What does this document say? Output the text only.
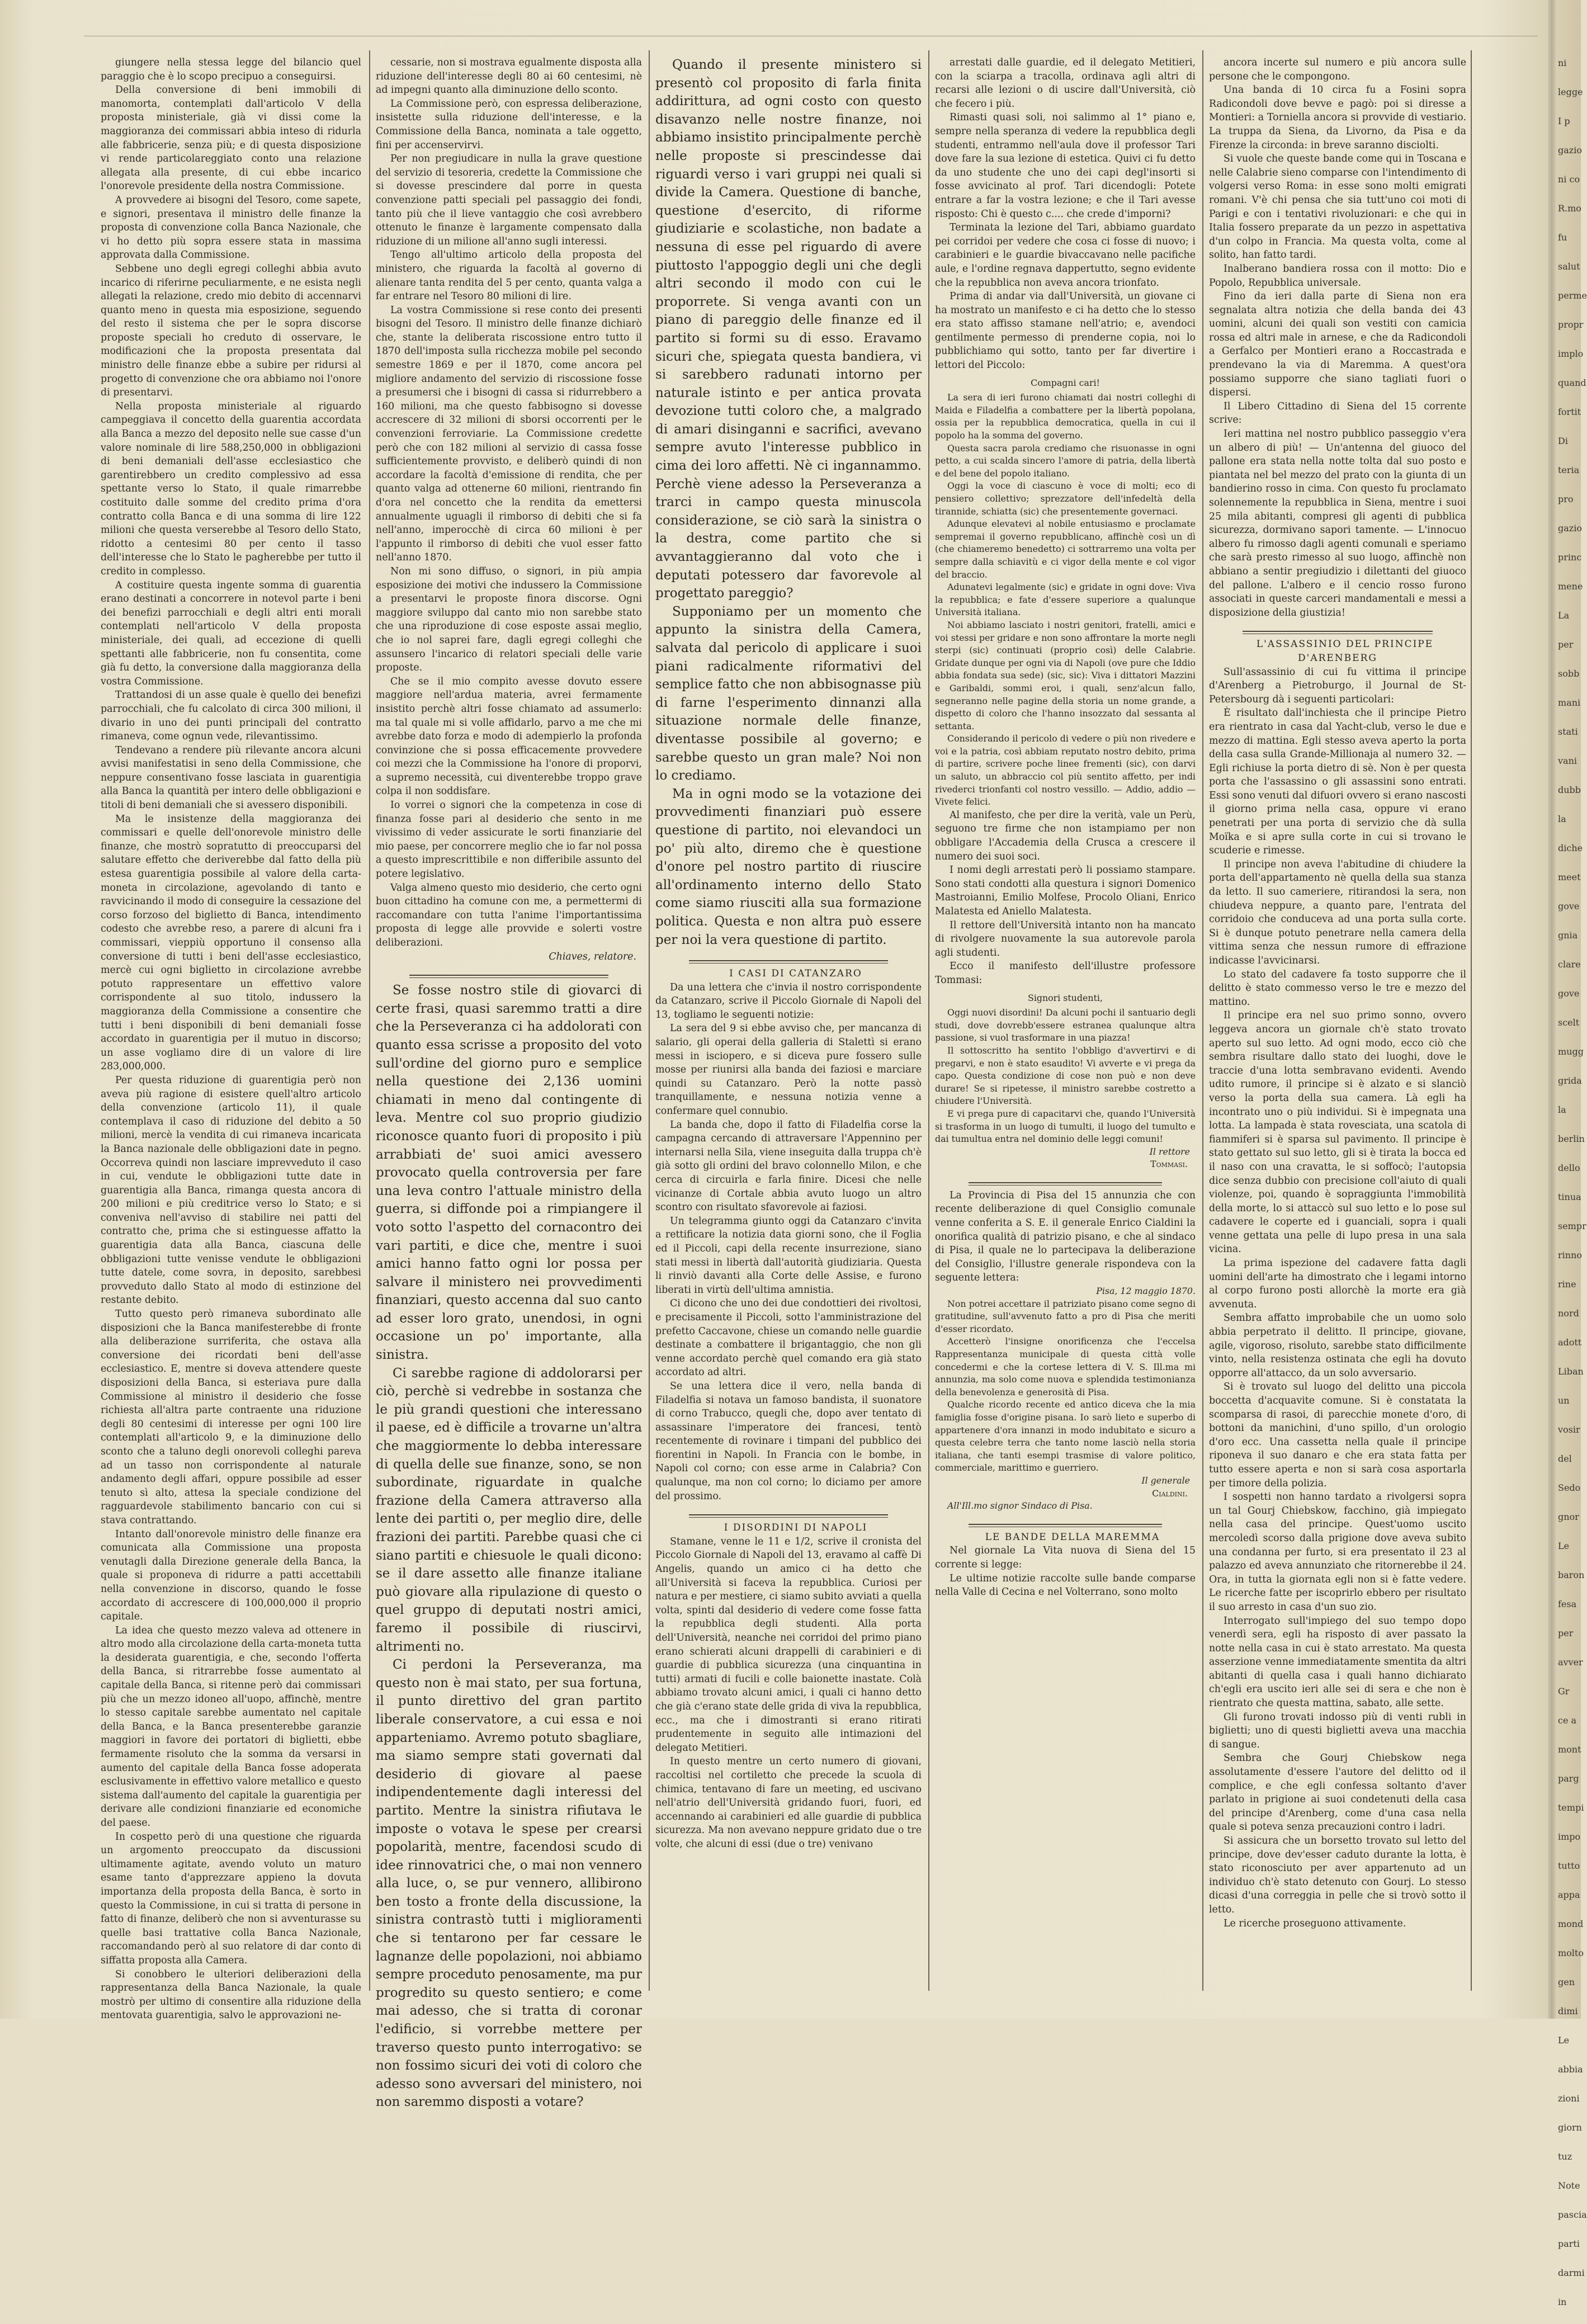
giungere nella stessa legge del bilancio quel paraggio che è lo scopo precipuo a conseguirsi.

Della conversione di beni immobili di manomorta, contemplati dall'articolo V della proposta ministeriale, già vi dissi come la maggioranza dei commissari abbia inteso di ridurla alle fabbricerie, senza più; e di questa disposizione vi rende particolareggiato conto una relazione allegata alla presente, di cui ebbe incarico l'onorevole presidente della nostra Commissione.

A provvedere ai bisogni del Tesoro, come sapete, e signori, presentava il ministro delle finanze la proposta di convenzione colla Banca Nazionale, che vi ho detto più sopra essere stata in massima approvata dalla Commissione.

Sebbene uno degli egregi colleghi abbia avuto incarico di riferirne peculiarmente, e ne esista negli allegati la relazione, credo mio debito di accennarvi quanto meno in questa mia esposizione, seguendo del resto il sistema che per le sopra discorse proposte speciali ho creduto di osservare, le modificazioni che la proposta presentata dal ministro delle finanze ebbe a subire per ridursi al progetto di convenzione che ora abbiamo noi l'onore di presentarvi.

Nella proposta ministeriale al riguardo campeggiava il concetto della guarentia accordata alla Banca a mezzo del deposito nelle sue casse d'un valore nominale di lire 588,250,000 in obbligazioni di beni demaniali dell'asse ecclesiastico che garentirebbero un credito complessivo ad essa spettante verso lo Stato, il quale rimarrebbe costituito dalle somme del credito prima d'ora contratto colla Banca e di una somma di lire 122 milioni che questa verserebbe al Tesoro dello Stato, ridotto a centesimi 80 per cento il tasso dell'interesse che lo Stato le pagherebbe per tutto il credito in complesso.

A costituire questa ingente somma di guarentia erano destinati a concorrere in notevol parte i beni dei benefizi parrocchiali e degli altri enti morali contemplati nell'articolo V della proposta ministeriale, dei quali, ad eccezione di quelli spettanti alle fabbricerie, non fu consentita, come già fu detto, la conversione dalla maggioranza della vostra Commissione.

Trattandosi di un asse quale è quello dei benefizi parrocchiali, che fu calcolato di circa 300 milioni, il divario in uno dei punti principali del contratto rimaneva, come ognun vede, rilevantissimo.

Tendevano a rendere più rilevante ancora alcuni avvisi manifestatisi in seno della Commissione, che neppure consentivano fosse lasciata in guarentigia alla Banca la quantità per intero delle obbligazioni e titoli di beni demaniali che si avessero disponibili.

Ma le insistenze della maggioranza dei commissari e quelle dell'onorevole ministro delle finanze, che mostrò sopratutto di preoccuparsi del salutare effetto che deriverebbe dal fatto della più estesa guarentigia possibile al valore della carta-moneta in circolazione, agevolando di tanto e ravvicinando il modo di conseguire la cessazione del corso forzoso del biglietto di Banca, intendimento codesto che avrebbe reso, a parere di alcuni fra i commissari, vieppiù opportuno il consenso alla conversione di tutti i beni dell'asse ecclesiastico, mercè cui ogni biglietto in circolazione avrebbe potuto rappresentare un effettivo valore corrispondente al suo titolo, indussero la maggioranza della Commissione a consentire che tutti i beni disponibili di beni demaniali fosse accordato in guarentigia per il mutuo in discorso; un asse vogliamo dire di un valore di lire 283,000,000.

Per questa riduzione di guarentigia però non aveva più ragione di esistere quell'altro articolo della convenzione (articolo 11), il quale contemplava il caso di riduzione del debito a 50 milioni, mercè la vendita di cui rimaneva incaricata la Banca nazionale delle obbligazioni date in pegno. Occorreva quindi non lasciare imprevveduto il caso in cui, vendute le obbligazioni tutte date in guarentigia alla Banca, rimanga questa ancora di 200 milioni e più creditrice verso lo Stato; e si conveniva nell'avviso di stabilire nei patti del contratto che, prima che si estinguesse affatto la guarentigia data alla Banca, ciascuna delle obbligazioni tutte venisse vendute le obbligazioni tutte datele, come sovra, in deposito, sarebbesi provveduto dallo Stato al modo di estinzione del restante debito.

Tutto questo però rimaneva subordinato alle disposizioni che la Banca manifesterebbe di fronte alla deliberazione surriferita, che ostava alla conversione dei ricordati beni dell'asse ecclesiastico. E, mentre si doveva attendere queste disposizioni della Banca, si esteriava pure dalla Commissione al ministro il desiderio che fosse richiesta all'altra parte contraente una riduzione degli 80 centesimi di interesse per ogni 100 lire contemplati all'articolo 9, e la diminuzione dello sconto che a taluno degli onorevoli colleghi pareva ad un tasso non corrispondente al naturale andamento degli affari, oppure possibile ad esser tenuto sì alto, attesa la speciale condizione del ragguardevole stabilimento bancario con cui si stava contrattando.

Intanto dall'onorevole ministro delle finanze era comunicata alla Commissione una proposta venutagli dalla Direzione generale della Banca, la quale si proponeva di ridurre a patti accettabili nella convenzione in discorso, quando le fosse accordato di accrescere di 100,000,000 il proprio capitale.

La idea che questo mezzo valeva ad ottenere in altro modo alla circolazione della carta-moneta tutta la desiderata guarentigia, e che, secondo l'offerta della Banca, si ritrarrebbe fosse aumentato al capitale della Banca, si ritenne però dai commissari più che un mezzo idoneo all'uopo, affinchè, mentre lo stesso capitale sarebbe aumentato nel capitale della Banca, e la Banca presenterebbe garanzie maggiori in favore dei portatori di biglietti, ebbe fermamente risoluto che la somma da versarsi in aumento del capitale della Banca fosse adoperata esclusivamente in effettivo valore metallico e questo sistema dall'aumento del capitale la guarentigia per derivare alle condizioni finanziarie ed economiche del paese.

In cospetto però di una questione che riguarda un argomento preoccupato da discussioni ultimamente agitate, avendo voluto un maturo esame tanto d'apprezzare appieno la dovuta importanza della proposta della Banca, è sorto in questo la Commissione, in cui si tratta di persone in fatto di finanze, deliberò che non si avventurasse su quelle basi trattative colla Banca Nazionale, raccomandando però al suo relatore di dar conto di siffatta proposta alla Camera.

Si conobbero le ulteriori deliberazioni della rappresentanza della Banca Nazionale, la quale mostrò per ultimo di consentire alla riduzione della mentovata guarentigia, salvo le approvazioni ne-

cessarie, non si mostrava egualmente disposta alla riduzione dell'interesse degli 80 ai 60 centesimi, nè ad impegni quanto alla diminuzione dello sconto.

La Commissione però, con espressa deliberazione, insistette sulla riduzione dell'interesse, e la Commissione della Banca, nominata a tale oggetto, fini per accenservirvi.

Per non pregiudicare in nulla la grave questione del servizio di tesoreria, credette la Commissione che si dovesse prescindere dal porre in questa convenzione patti speciali pel passaggio dei fondi, tanto più che il lieve vantaggio che così avrebbero ottenuto le finanze è largamente compensato dalla riduzione di un milione all'anno sugli interessi.

Tengo all'ultimo articolo della proposta del ministero, che riguarda la facoltà al governo di alienare tanta rendita del 5 per cento, quanta valga a far entrare nel Tesoro 80 milioni di lire.

La vostra Commissione si rese conto dei presenti bisogni del Tesoro. Il ministro delle finanze dichiarò che, stante la deliberata riscossione entro tutto il 1870 dell'imposta sulla ricchezza mobile pel secondo semestre 1869 e per il 1870, come ancora pel migliore andamento del servizio di riscossione fosse a presumersi che i bisogni di cassa si ridurrebbero a 160 milioni, ma che questo fabbisogno si dovesse accrescere di 32 milioni di sborsi occorrenti per le convenzioni ferroviarie. La Commissione credette però che con 182 milioni al servizio di cassa fosse sufficientemente provvisto, e deliberò quindi di non accordare la facoltà d'emissione di rendita, che per quanto valga ad ottenerne 60 milioni, rientrando fin d'ora nel concetto che la rendita da emettersi annualmente uguagli il rimborso di debiti che si fa nell'anno, imperocchè di circa 60 milioni è per l'appunto il rimborso di debiti che vuol esser fatto nell'anno 1870.

Non mi sono diffuso, o signori, in più ampia esposizione dei motivi che indussero la Commissione a presentarvi le proposte finora discorse. Ogni maggiore sviluppo dal canto mio non sarebbe stato che una riproduzione di cose esposte assai meglio, che io nol saprei fare, dagli egregi colleghi che assunsero l'incarico di relatori speciali delle varie proposte.

Che se il mio compito avesse dovuto essere maggiore nell'ardua materia, avrei fermamente insistito perchè altri fosse chiamato ad assumerlo: ma tal quale mi si volle affidarlo, parvo a me che mi avrebbe dato forza e modo di adempierlo la profonda convinzione che si possa efficacemente provvedere coi mezzi che la Commissione ha l'onore di proporvi, a supremo necessità, cui diventerebbe troppo grave colpa il non soddisfare.

Io vorrei o signori che la competenza in cose di finanza fosse pari al desiderio che sento in me vivissimo di veder assicurate le sorti finanziarie del mio paese, per concorrere meglio che io far nol possa a questo imprescrittibile e non differibile assunto del potere legislativo.

Valga almeno questo mio desiderio, che certo ogni buon cittadino ha comune con me, a permettermi di raccomandare con tutta l'anime l'importantissima proposta di legge alle provvide e solerti vostre deliberazioni.

Chiaves, relatore.

Se fosse nostro stile di giovarci di certe frasi, quasi saremmo tratti a dire che la Perseveranza ci ha addolorati con quanto essa scrisse a proposito del voto sull'ordine del giorno puro e semplice nella questione dei 2,136 uomini chiamati in meno dal contingente di leva. Mentre col suo proprio giudizio riconosce quanto fuori di proposito i più arrabbiati de' suoi amici avessero provocato quella controversia per fare una leva contro l'attuale ministro della guerra, si diffonde poi a rimpiangere il voto sotto l'aspetto del cornacontro dei vari partiti, e dice che, mentre i suoi amici hanno fatto ogni lor possa per salvare il ministero nei provvedimenti finanziari, questo accenna dal suo canto ad esser loro grato, unendosi, in ogni occasione un po' importante, alla sinistra.

Ci sarebbe ragione di addolorarsi per ciò, perchè si vedrebbe in sostanza che le più grandi questioni che interessano il paese, ed è difficile a trovarne un'altra che maggiormente lo debba interessare di quella delle sue finanze, sono, se non subordinate, riguardate in qualche frazione della Camera attraverso alla lente dei partiti o, per meglio dire, delle frazioni dei partiti. Parebbe quasi che ci siano partiti e chiesuole le quali dicono: se il dare assetto alle finanze italiane può giovare alla ripulazione di questo o quel gruppo di deputati nostri amici, faremo il possibile di riuscirvi, altrimenti no.

Ci perdoni la Perseveranza, ma questo non è mai stato, per sua fortuna, il punto direttivo del gran partito liberale conservatore, a cui essa e noi apparteniamo. Avremo potuto sbagliare, ma siamo sempre stati governati dal desiderio di giovare al paese indipendentemente dagli interessi del partito. Mentre la sinistra rifiutava le imposte o votava le spese per crearsi popolarità, mentre, facendosi scudo di idee rinnovatrici che, o mai non vennero alla luce, o, se pur vennero, allibirono ben tosto a fronte della discussione, la sinistra contrastò tutti i miglioramenti che si tentarono per far cessare le lagnanze delle popolazioni, noi abbiamo sempre proceduto penosamente, ma pur progredito su questo sentiero; e come mai adesso, che si tratta di coronar l'edificio, si vorrebbe mettere per traverso questo punto interrogativo: se non fossimo sicuri dei voti di coloro che adesso sono avversari del ministero, noi non saremmo disposti a votare?

Quando il presente ministero si presentò col proposito di farla finita addirittura, ad ogni costo con questo disavanzo nelle nostre finanze, noi abbiamo insistito principalmente perchè nelle proposte si prescindesse dai riguardi verso i vari gruppi nei quali si divide la Camera. Questione di banche, questione d'esercito, di riforme giudiziarie e scolastiche, non badate a nessuna di esse pel riguardo di avere piuttosto l'appoggio degli uni che degli altri secondo il modo con cui le proporrete. Si venga avanti con un piano di pareggio delle finanze ed il partito si formi su di esso. Eravamo sicuri che, spiegata questa bandiera, vi si sarebbero radunati intorno per naturale istinto e per antica provata devozione tutti coloro che, a malgrado di amari disinganni e sacrifici, avevano sempre avuto l'interesse pubblico in cima dei loro affetti. Nè ci ingannammo. Perchè viene adesso la Perseveranza a trarci in campo questa minuscola considerazione, se ciò sarà la sinistra o la destra, come partito che si avvantaggieranno dal voto che i deputati potessero dar favorevole al progettato pareggio?

Supponiamo per un momento che appunto la sinistra della Camera, salvata dal pericolo di applicare i suoi piani radicalmente riformativi del semplice fatto che non abbisognasse più di farne l'esperimento dinnanzi alla situazione normale delle finanze, diventasse possibile al governo; e sarebbe questo un gran male? Noi non lo crediamo.

Ma in ogni modo se la votazione dei provvedimenti finanziari può essere questione di partito, noi elevandoci un po' più alto, diremo che è questione d'onore pel nostro partito di riuscire all'ordinamento interno dello Stato come siamo riusciti alla sua formazione politica. Questa e non altra può essere per noi la vera questione di partito.

I CASI DI CATANZARO

Da una lettera che c'invia il nostro corrispondente da Catanzaro, scrive il Piccolo Giornale di Napoli del 13, togliamo le seguenti notizie:

La sera del 9 si ebbe avviso che, per mancanza di salario, gli operai della galleria di Stalettì si erano messi in isciopero, e si diceva pure fossero sulle mosse per riunirsi alla banda dei faziosi e marciare quindi su Catanzaro. Però la notte passò tranquillamente, e nessuna notizia venne a confermare quel connubio.

La banda che, dopo il fatto di Filadelfia corse la campagna cercando di attraversare l'Appennino per internarsi nella Sila, viene inseguita dalla truppa ch'è già sotto gli ordini del bravo colonnello Milon, e che cerca di circuirla e farla finire. Dicesi che nelle vicinanze di Cortale abbia avuto luogo un altro scontro con risultato sfavorevole ai faziosi.

Un telegramma giunto oggi da Catanzaro c'invita a rettificare la notizia data giorni sono, che il Foglia ed il Piccoli, capi della recente insurrezione, siano stati messi in libertà dall'autorità giudiziaria. Questa li rinviò davanti alla Corte delle Assise, e furono liberati in virtù dell'ultima amnistia.

Ci dicono che uno dei due condottieri dei rivoltosi, e precisamente il Piccoli, sotto l'amministrazione del prefetto Caccavone, chiese un comando nelle guardie destinate a combattere il brigantaggio, che non gli venne accordato perchè quel comando era già stato accordato ad altri.

Se una lettera dice il vero, nella banda di Filadelfia si notava un famoso bandista, il suonatore di corno Trabucco, quegli che, dopo aver tentato di assassinare l'imperatore dei francesi, tentò recentemente di rovinare i timpani del pubblico dei fiorentini in Napoli. In Francia con le bombe, in Napoli col corno; con esse arme in Calabria? Con qualunque, ma non col corno; lo diciamo per amore del prossimo.

I DISORDINI DI NAPOLI

Stamane, venne le 11 e 1/2, scrive il cronista del Piccolo Giornale di Napoli del 13, eravamo al caffè Di Angelis, quando un amico ci ha detto che all'Università si faceva la repubblica. Curiosi per natura e per mestiere, ci siamo subito avviati a quella volta, spinti dal desiderio di vedere come fosse fatta la repubblica degli studenti. Alla porta dell'Università, neanche nei corridoi del primo piano erano schierati alcuni drappelli di carabinieri e di guardie di pubblica sicurezza (una cinquantina in tutti) armati di fucili e colle baionette inastate. Colà abbiamo trovato alcuni amici, i quali ci hanno detto che già c'erano state delle grida di viva la repubblica, ecc., ma che i dimostranti si erano ritirati prudentemente in seguito alle intimazioni del delegato Metitieri.

In questo mentre un certo numero di giovani, raccoltisi nel cortiletto che precede la scuola di chimica, tentavano di fare un meeting, ed uscivano nell'atrio dell'Università gridando fuori, fuori, ed accennando ai carabinieri ed alle guardie di pubblica sicurezza. Ma non avevano neppure gridato due o tre volte, che alcuni di essi (due o tre) venivano

arrestati dalle guardie, ed il delegato Metitieri, con la sciarpa a tracolla, ordinava agli altri di recarsi alle lezioni o di uscire dall'Università, ciò che fecero i più.

Rimasti quasi soli, noi salimmo al 1° piano e, sempre nella speranza di vedere la repubblica degli studenti, entrammo nell'aula dove il professor Tari dove fare la sua lezione di estetica. Quivi ci fu detto da uno studente che uno dei capi degl'insorti si fosse avvicinato al prof. Tari dicendogli: Potete entrare a far la vostra lezione; e che il Tari avesse risposto: Chi è questo c.... che crede d'imporni?

Terminata la lezione del Tari, abbiamo guardato pei corridoi per vedere che cosa ci fosse di nuovo; i carabinieri e le guardie bivaccavano nelle pacifiche aule, e l'ordine regnava dappertutto, segno evidente che la repubblica non aveva ancora trionfato.

Prima di andar via dall'Università, un giovane ci ha mostrato un manifesto e ci ha detto che lo stesso era stato affisso stamane nell'atrio; e, avendoci gentilmente permesso di prenderne copia, noi lo pubblichiamo qui sotto, tanto per far divertire i lettori del Piccolo:

Compagni cari!

La sera di ieri furono chiamati dai nostri colleghi di Maida e Filadelfia a combattere per la libertà popolana, ossia per la repubblica democratica, quella in cui il popolo ha la somma del governo.

Questa sacra parola crediamo che risuonasse in ogni petto, a cui scalda sincero l'amore di patria, della libertà e del bene del popolo italiano.

Oggi la voce di ciascuno è voce di molti; eco di pensiero collettivo; sprezzatore dell'infedeltà della tirannide, schiatta (sic) che presentemente governaci.

Adunque elevatevi al nobile entusiasmo e proclamate sempremai il governo repubblicano, affinchè così un dì (che chiameremo benedetto) ci sottrarremo una volta per sempre dalla schiavitù e ci vigor della mente e col vigor del braccio.

Adunatevi legalmente (sic) e gridate in ogni dove: Viva la repubblica; e fate d'essere superiore a qualunque Università italiana.

Noi abbiamo lasciato i nostri genitori, fratelli, amici e voi stessi per gridare e non sono affrontare la morte negli sterpi (sic) continuati (proprio così) delle Calabrie. Gridate dunque per ogni via di Napoli (ove pure che Iddio abbia fondata sua sede) (sic, sic): Viva i dittatori Mazzini e Garibaldi, sommi eroi, i quali, senz'alcun fallo, segneranno nelle pagine della storia un nome grande, a dispetto di coloro che l'hanno insozzato dal sessanta al settanta.

Considerando il pericolo di vedere o più non rivedere e voi e la patria, così abbiam reputato nostro debito, prima di partire, scrivere poche linee frementi (sic), con darvi un saluto, un abbraccio col più sentito affetto, per indi rivederci trionfanti col nostro vessillo. — Addio, addio — Vivete felici.

Al manifesto, che per dire la verità, vale un Perù, seguono tre firme che non istampiamo per non obbligare l'Accademia della Crusca a crescere il numero dei suoi soci.

I nomi degli arrestati però li possiamo stampare. Sono stati condotti alla questura i signori Domenico Mastroianni, Emilio Molfese, Procolo Oliani, Enrico Malatesta ed Aniello Malatesta.

Il rettore dell'Università intanto non ha mancato di rivolgere nuovamente la sua autorevole parola agli studenti.

Ecco il manifesto dell'illustre professore Tommasi:

Signori studenti,

Oggi nuovi disordini! Da alcuni pochi il santuario degli studi, dove dovrebb'essere estranea qualunque altra passione, si vuol trasformare in una piazza!

Il sottoscritto ha sentito l'obbligo d'avvertirvi e di pregarvi, e non è stato esaudito! Vi avverte e vi prega da capo. Questa condizione di cose non può e non deve durare! Se si ripetesse, il ministro sarebbe costretto a chiudere l'Università.

E vi prega pure di capacitarvi che, quando l'Università si trasforma in un luogo di tumulti, il luogo del tumulto e dai tumultua entra nel dominio delle leggi comuni!

Il rettore

Tommasi.

La Provincia di Pisa del 15 annunzia che con recente deliberazione di quel Consiglio comunale venne conferita a S. E. il generale Enrico Cialdini la onorifica qualità di patrizio pisano, e che al sindaco di Pisa, il quale ne lo partecipava la deliberazione del Consiglio, l'illustre generale rispondeva con la seguente lettera:

Pisa, 12 maggio 1870.

Non potrei accettare il patriziato pisano come segno di gratitudine, sull'avvenuto fatto a pro di Pisa che meriti d'esser ricordato.

Accetterò l'insigne onorificenza che l'eccelsa Rappresentanza municipale di questa città volle concedermi e che la cortese lettera di V. S. Ill.ma mi annunzia, ma solo come nuova e splendida testimonianza della benevolenza e generosità di Pisa.

Qualche ricordo recente ed antico diceva che la mia famiglia fosse d'origine pisana. Io sarò lieto e superbo di appartenere d'ora innanzi in modo indubitato e sicuro a questa celebre terra che tanto nome lasciò nella storia italiana, che tanti esempi trasmise di valore politico, commerciale, marittimo e guerriero.

Il generale

Cialdini.

All'Ill.mo signor Sindaco di Pisa.

LE BANDE DELLA MAREMMA

Nel giornale La Vita nuova di Siena del 15 corrente si legge:

Le ultime notizie raccolte sulle bande comparse nella Valle di Cecina e nel Volterrano, sono molto

ancora incerte sul numero e più ancora sulle persone che le compongono.

Una banda di 10 circa fu a Fosini sopra Radicondoli dove bevve e pagò: poi si diresse a Montieri: a Torniella ancora si provvide di vestiario. La truppa da Siena, da Livorno, da Pisa e da Firenze la circonda: in breve saranno disciolti.

Si vuole che queste bande come qui in Toscana e nelle Calabrie sieno comparse con l'intendimento di volgersi verso Roma: in esse sono molti emigrati romani. V'è chi pensa che sia tutt'uno coi moti di Parigi e con i tentativi rivoluzionari: e che qui in Italia fossero preparate da un pezzo in aspettativa d'un colpo in Francia. Ma questa volta, come al solito, han fatto tardi.

Inalberano bandiera rossa con il motto: Dio e Popolo, Repubblica universale.

Fino da ieri dalla parte di Siena non era segnalata altra notizia che della banda dei 43 uomini, alcuni dei quali son vestiti con camicia rossa ed altri male in arnese, e che da Radicondoli a Gerfalco per Montieri erano a Roccastrada e prendevano la via di Maremma. A quest'ora possiamo supporre che siano tagliati fuori o dispersi.

Il Libero Cittadino di Siena del 15 corrente scrive:

Ieri mattina nel nostro pubblico passeggio v'era un albero di più! — Un'antenna del giuoco del pallone era stata nella notte tolta dal suo posto e piantata nel bel mezzo del prato con la giunta di un bandierino rosso in cima. Con questo fu proclamato solennemente la repubblica in Siena, mentre i suoi 25 mila abitanti, compresi gli agenti di pubblica sicurezza, dormivano sapori tamente. — L'innocuo albero fu rimosso dagli agenti comunali e speriamo che sarà presto rimesso al suo luogo, affinchè non abbiano a sentir pregiudizio i dilettanti del giuoco del pallone. L'albero e il cencio rosso furono associati in queste carceri mandamentali e messi a disposizione della giustizia!

L'ASSASSINIO DEL PRINCIPE D'ARENBERG

Sull'assassinio di cui fu vittima il principe d'Arenberg a Pietroburgo, il Journal de St-Petersbourg dà i seguenti particolari:

È risultato dall'inchiesta che il principe Pietro era rientrato in casa dal Yacht-club, verso le due e mezzo di mattina. Egli stesso aveva aperto la porta della casa sulla Grande-Millionaja al numero 32. — Egli richiuse la porta dietro di sè. Non è per questa porta che l'assassino o gli assassini sono entrati. Essi sono venuti dal difuori ovvero si erano nascosti il giorno prima nella casa, oppure vi erano penetrati per una porta di servizio che dà sulla Moïka e si apre sulla corte in cui si trovano le scuderie e rimesse.

Il principe non aveva l'abitudine di chiudere la porta dell'appartamento nè quella della sua stanza da letto. Il suo cameriere, ritirandosi la sera, non chiudeva neppure, a quanto pare, l'entrata del corridoio che conduceva ad una porta sulla corte. Si è dunque potuto penetrare nella camera della vittima senza che nessun rumore di effrazione indicasse l'avvicinarsi.

Lo stato del cadavere fa tosto supporre che il delitto è stato commesso verso le tre e mezzo del mattino.

Il principe era nel suo primo sonno, ovvero leggeva ancora un giornale ch'è stato trovato aperto sul suo letto. Ad ogni modo, ecco ciò che sembra risultare dallo stato dei luoghi, dove le traccie d'una lotta sembravano evidenti. Avendo udito rumore, il principe si è alzato e si slanciò verso la porta della sua camera. Là egli ha incontrato uno o più individui. Si è impegnata una lotta. La lampada è stata rovesciata, una scatola di fiammiferi si è sparsa sul pavimento. Il principe è stato gettato sul suo letto, gli si è tirata la bocca ed il naso con una cravatta, le si soffocò; l'autopsia dice senza dubbio con precisione coll'aiuto di quali violenze, poi, quando è sopraggiunta l'immobilità della morte, lo si attaccò sul suo letto e lo pose sul cadavere le coperte ed i guanciali, sopra i quali venne gettata una pelle di lupo presa in una sala vicina.

La prima ispezione del cadavere fatta dagli uomini dell'arte ha dimostrato che i legami intorno al corpo furono posti allorchè la morte era già avvenuta.

Sembra affatto improbabile che un uomo solo abbia perpetrato il delitto. Il principe, giovane, agile, vigoroso, risoluto, sarebbe stato difficilmente vinto, nella resistenza ostinata che egli ha dovuto opporre all'attacco, da un solo avversario.

Si è trovato sul luogo del delitto una piccola boccetta d'acquavite comune. Si è constatata la scomparsa di rasoi, di parecchie monete d'oro, di bottoni da manichini, d'uno spillo, d'un orologio d'oro ecc. Una cassetta nella quale il principe riponeva il suo danaro e che era stata fatta per tutto essere aperta e non si sarà cosa asportarla per timore della polizia.

I sospetti non hanno tardato a rivolgersi sopra un tal Gourj Chiebskow, facchino, già impiegato nella casa del principe. Quest'uomo uscito mercoledì scorso dalla prigione dove aveva subito una condanna per furto, si era presentato il 23 al palazzo ed aveva annunziato che ritornerebbe il 24. Ora, in tutta la giornata egli non si è fatte vedere. Le ricerche fatte per iscoprirlo ebbero per risultato il suo arresto in casa d'un suo zio.

Interrogato sull'impiego del suo tempo dopo venerdì sera, egli ha risposto di aver passato la notte nella casa in cui è stato arrestato. Ma questa asserzione venne immediatamente smentita da altri abitanti di quella casa i quali hanno dichiarato ch'egli era uscito ieri alle sei di sera e che non è rientrato che questa mattina, sabato, alle sette.

Gli furono trovati indosso più di venti rubli in biglietti; uno di questi biglietti aveva una macchia di sangue.

Sembra che Gourj Chiebskow nega assolutamente d'essere l'autore del delitto od il complice, e che egli confessa soltanto d'aver parlato in prigione ai suoi condetenuti della casa del principe d'Arenberg, come d'una casa nella quale si poteva senza precauzioni contro i ladri.

Si assicura che un borsetto trovato sul letto del principe, dove dev'esser caduto durante la lotta, è stato riconosciuto per aver appartenuto ad un individuo ch'è stato detenuto con Gourj. Lo stesso dicasi d'una correggia in pelle che si trovò sotto il letto.

Le ricerche proseguono attivamente.

ni
legge
I p
gazio
ni co
R.mo
fu
salut
perme
propr
implo
quand
fortit
Di
teria
pro
gazio
princ
mene
La
per
sobb
mani
stati
vani
dubb
la
diche
meet
gove
gnia
clare
gove
scelt
mugg
grida
la
berlin
dello
tinua
sempr
rinno
rine
nord
adott
Liban
un
vosir
del
Sedo
gnor
Le
baron
fesa
per
avver
Gr
ce a
mont
parg
tempi
impo
tutto
appa
mond
molto
gen
dimi
Le
abbia
zioni
giorn
tuz
Note
pascia
parti
darmi
in
